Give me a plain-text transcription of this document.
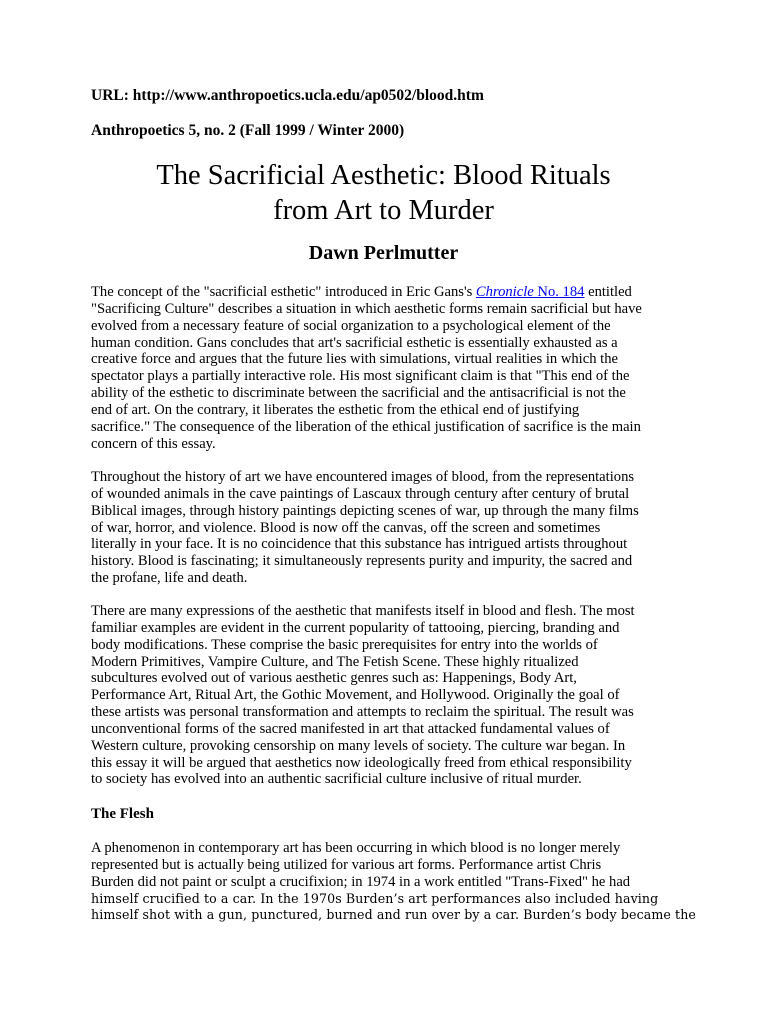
URL: http://www.anthropoetics.ucla.edu/ap0502/blood.htm
Anthropoetics 5, no. 2 (Fall 1999 / Winter 2000)
The Sacrificial Aesthetic: Blood Rituals
from Art to Murder
Dawn Perlmutter
The concept of the "sacrificial esthetic" introduced in Eric Gans's Chronicle No. 184 entitled
"Sacrificing Culture" describes a situation in which aesthetic forms remain sacrificial but have
evolved from a necessary feature of social organization to a psychological element of the
human condition. Gans concludes that art's sacrificial esthetic is essentially exhausted as a
creative force and argues that the future lies with simulations, virtual realities in which the
spectator plays a partially interactive role. His most significant claim is that "This end of the
ability of the esthetic to discriminate between the sacrificial and the antisacrificial is not the
end of art. On the contrary, it liberates the esthetic from the ethical end of justifying
sacrifice." The consequence of the liberation of the ethical justification of sacrifice is the main
concern of this essay.
Throughout the history of art we have encountered images of blood, from the representations
of wounded animals in the cave paintings of Lascaux through century after century of brutal
Biblical images, through history paintings depicting scenes of war, up through the many films
of war, horror, and violence. Blood is now off the canvas, off the screen and sometimes
literally in your face. It is no coincidence that this substance has intrigued artists throughout
history. Blood is fascinating; it simultaneously represents purity and impurity, the sacred and
the profane, life and death.
There are many expressions of the aesthetic that manifests itself in blood and flesh. The most
familiar examples are evident in the current popularity of tattooing, piercing, branding and
body modifications. These comprise the basic prerequisites for entry into the worlds of
Modern Primitives, Vampire Culture, and The Fetish Scene. These highly ritualized
subcultures evolved out of various aesthetic genres such as: Happenings, Body Art,
Performance Art, Ritual Art, the Gothic Movement, and Hollywood. Originally the goal of
these artists was personal transformation and attempts to reclaim the spiritual. The result was
unconventional forms of the sacred manifested in art that attacked fundamental values of
Western culture, provoking censorship on many levels of society. The culture war began. In
this essay it will be argued that aesthetics now ideologically freed from ethical responsibility
to society has evolved into an authentic sacrificial culture inclusive of ritual murder.
The Flesh
A phenomenon in contemporary art has been occurring in which blood is no longer merely
represented but is actually being utilized for various art forms. Performance artist Chris
Burden did not paint or sculpt a crucifixion; in 1974 in a work entitled "Trans-Fixed" he had
himself crucified to a car. In the 1970s Burden’s art performances also included having
himself shot with a gun, punctured, burned and run over by a car. Burden’s body became the
